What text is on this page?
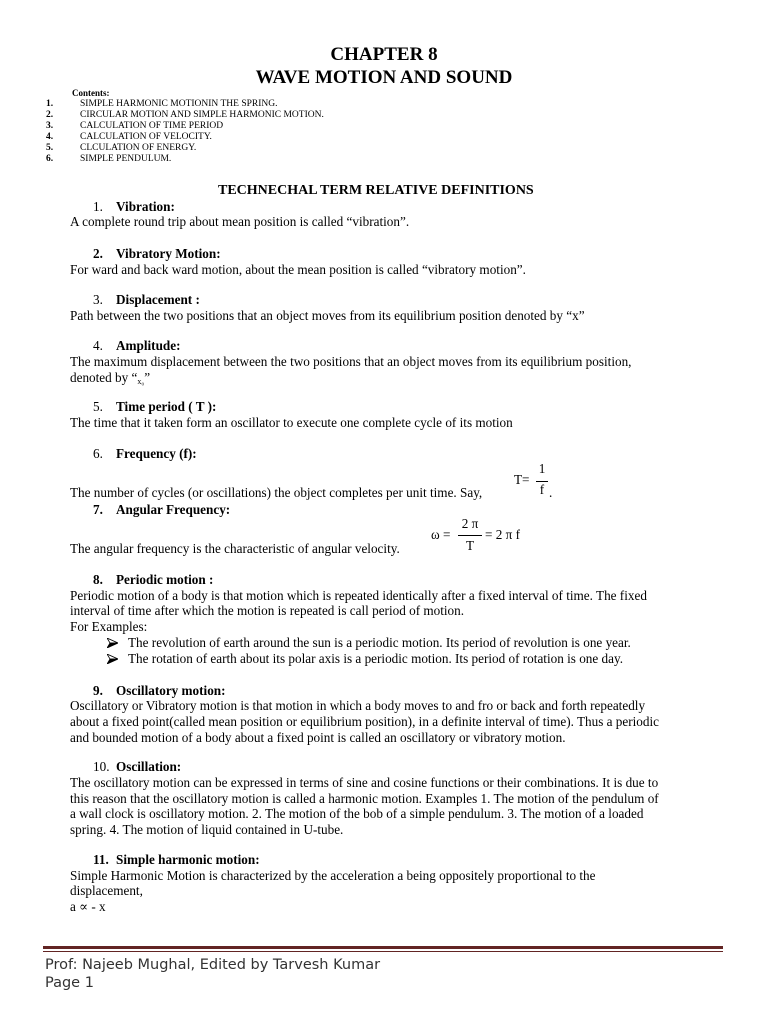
CHAPTER 8
WAVE MOTION AND SOUND
Contents:
1.	SIMPLE HARMONIC MOTIONIN THE SPRING.
2.	CIRCULAR MOTION AND SIMPLE HARMONIC MOTION.
3.	CALCULATION OF TIME PERIOD
4.	CALCULATION OF VELOCITY.
5.	CLCULATION OF ENERGY.
6.	SIMPLE PENDULUM.
TECHNECHAL TERM RELATIVE DEFINITIONS
1. Vibration:
A complete round trip about mean position is called “vibration”.
2. Vibratory Motion:
For ward and back ward motion, about the mean position is called “vibratory motion”.
3. Displacement :
Path between the two positions that an object moves from its equilibrium position denoted by “x”
4. Amplitude:
The maximum displacement between the two positions that an object moves from its equilibrium position,
denoted by “x₀”
5. Time period ( T ):
The time that it taken form an oscillator to execute one complete cycle of its motion
6. Frequency (f):
T=
1
f .
The number of cycles (or oscillations) the object completes per unit time. Say,
7. Angular Frequency:
ω =
2 π
T
= 2 π f
The angular frequency is the characteristic of angular velocity.
8. Periodic motion :
Periodic motion of a body is that motion which is repeated identically after a fixed interval of time. The fixed
interval of time after which the motion is repeated is call period of motion.
For Examples:
The revolution of earth around the sun is a periodic motion. Its period of revolution is one year.
The rotation of earth about its polar axis is a periodic motion. Its period of rotation is one day.
9. Oscillatory motion:
Oscillatory or Vibratory motion is that motion in which a body moves to and fro or back and forth repeatedly
about a fixed point(called mean position or equilibrium position), in a definite interval of time). Thus a periodic
and bounded motion of a body about a fixed point is called an oscillatory or vibratory motion.
10. Oscillation:
The oscillatory motion can be expressed in terms of sine and cosine functions or their combinations. It is due to
this reason that the oscillatory motion is called a harmonic motion. Examples 1. The motion of the pendulum of
a wall clock is oscillatory motion. 2. The motion of the bob of a simple pendulum. 3. The motion of a loaded
spring. 4. The motion of liquid contained in U-tube.
11. Simple harmonic motion:
Simple Harmonic Motion is characterized by the acceleration a being oppositely proportional to the
displacement,
a ∝ - x
Prof: Najeeb Mughal, Edited by Tarvesh Kumar
Page 1
